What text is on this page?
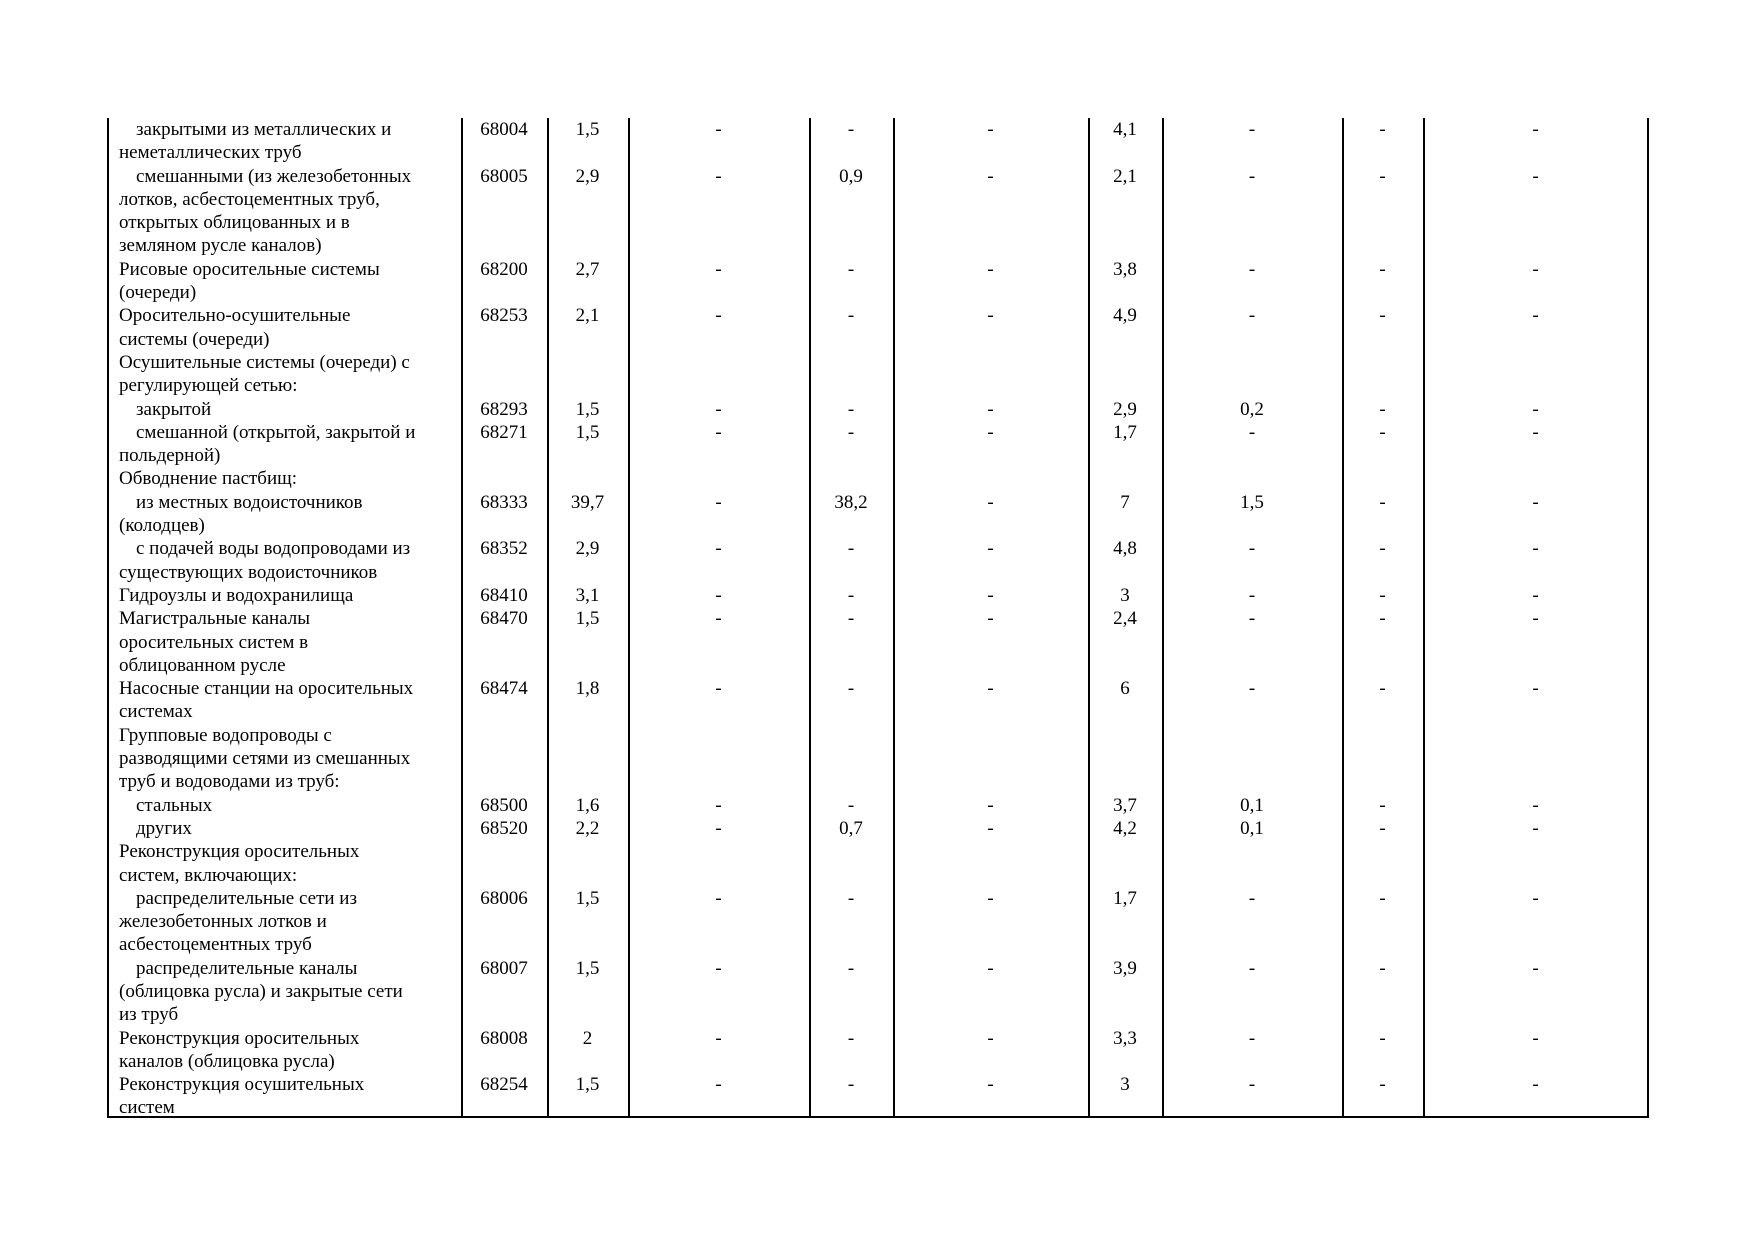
закрытыми из металлических и
неметаллических труб	68004	1,5	-	-	-	4,1	-	-	-

смешанными (из железобетонных
лотков, асбестоцементных труб,
открытых облицованных и в
земляном русле каналов)	68005	2,9	-	0,9	-	2,1	-	-	-

Рисовые оросительные системы
(очереди)	68200	2,7	-	-	-	3,8	-	-	-

Оросительно-осушительные
системы (очереди)	68253	2,1	-	-	-	4,9	-	-	-

Осушительные системы (очереди) с
регулирующей сетью:									

закрытой	68293	1,5	-	-	-	2,9	0,2	-	-

смешанной (открытой, закрытой и
польдерной)	68271	1,5	-	-	-	1,7	-	-	-

Обводнение пастбищ:									

из местных водоисточников
(колодцев)	68333	39,7	-	38,2	-	7	1,5	-	-

с подачей воды водопроводами из
существующих водоисточников	68352	2,9	-	-	-	4,8	-	-	-

Гидроузлы и водохранилища	68410	3,1	-	-	-	3	-	-	-

Магистральные каналы
оросительных систем в
облицованном русле	68470	1,5	-	-	-	2,4	-	-	-

Насосные станции на оросительных
системах	68474	1,8	-	-	-	6	-	-	-

Групповые водопроводы с
разводящими сетями из смешанных
труб и водоводами из труб:									

стальных	68500	1,6	-	-	-	3,7	0,1	-	-

других	68520	2,2	-	0,7	-	4,2	0,1	-	-

Реконструкция оросительных
систем, включающих:									

распределительные сети из
железобетонных лотков и
асбестоцементных труб	68006	1,5	-	-	-	1,7	-	-	-

распределительные каналы
(облицовка русла) и закрытые сети
из труб	68007	1,5	-	-	-	3,9	-	-	-

Реконструкция оросительных
каналов (облицовка русла)	68008	2	-	-	-	3,3	-	-	-

Реконструкция осушительных
систем	68254	1,5	-	-	-	3	-	-	-
